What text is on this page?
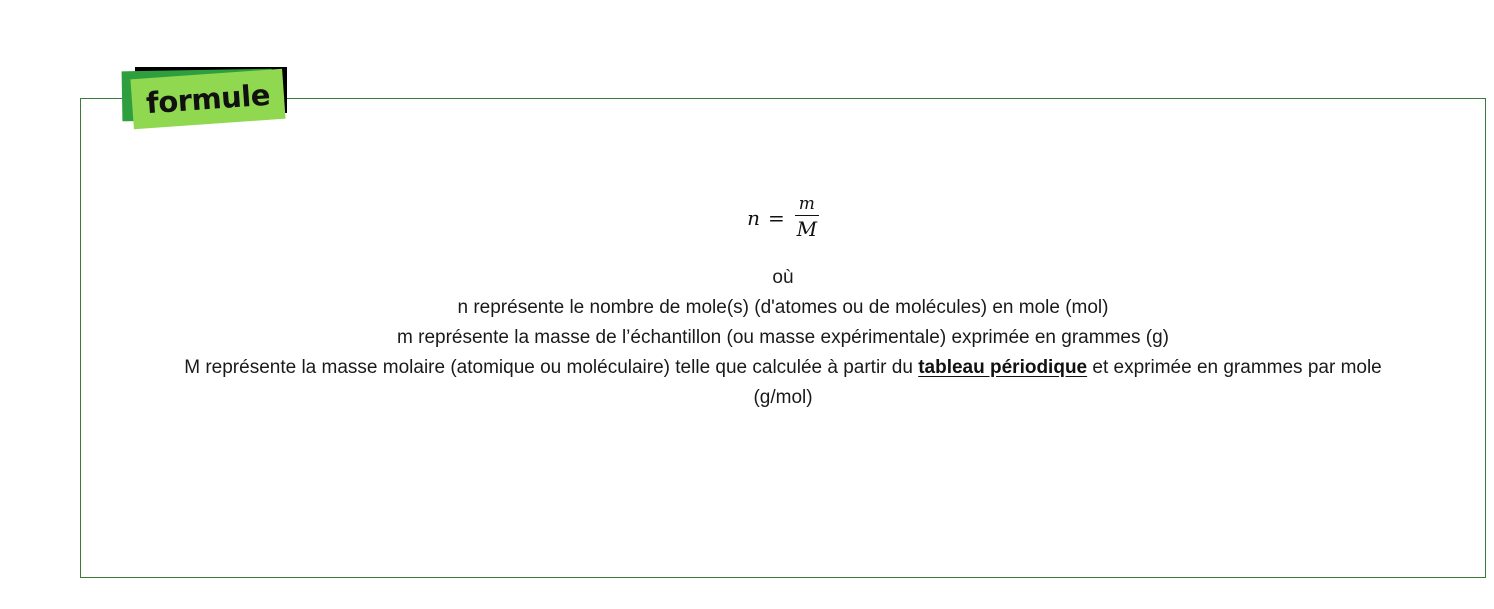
formule
$n = \frac{m}{M}$
où
n représente le nombre de mole(s) (d'atomes ou de molécules) en mole (mol)
m représente la masse de l’échantillon (ou masse expérimentale) exprimée en grammes (g)
M représente la masse molaire (atomique ou moléculaire) telle que calculée à partir du tableau périodique et exprimée en grammes par mole (g/mol)
